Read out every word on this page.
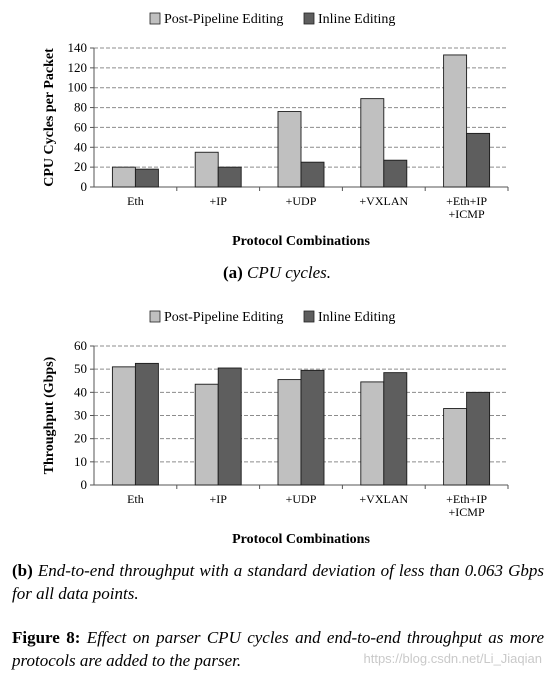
Post-Pipeline Editing Inline Editing
0
20
40
60
80
100
120
140
Eth	+IP	+UDP	+VXLAN	+Eth+IP
+ICMP
Protocol Combinations
CPU Cycles per Packet
(a) CPU cycles.
Post-Pipeline Editing Inline Editing
0
10
20
30
40
50
60
Eth	+IP	+UDP	+VXLAN	+Eth+IP
+ICMP
Protocol Combinations
Throughput (Gbps)
(b) End-to-end throughput with a standard deviation of less than 0.063 Gbps for all data points.
Figure 8: Effect on parser CPU cycles and end-to-end throughput as more protocols are added to the parser.	https://blog.csdn.net/Li_Jiaqian
